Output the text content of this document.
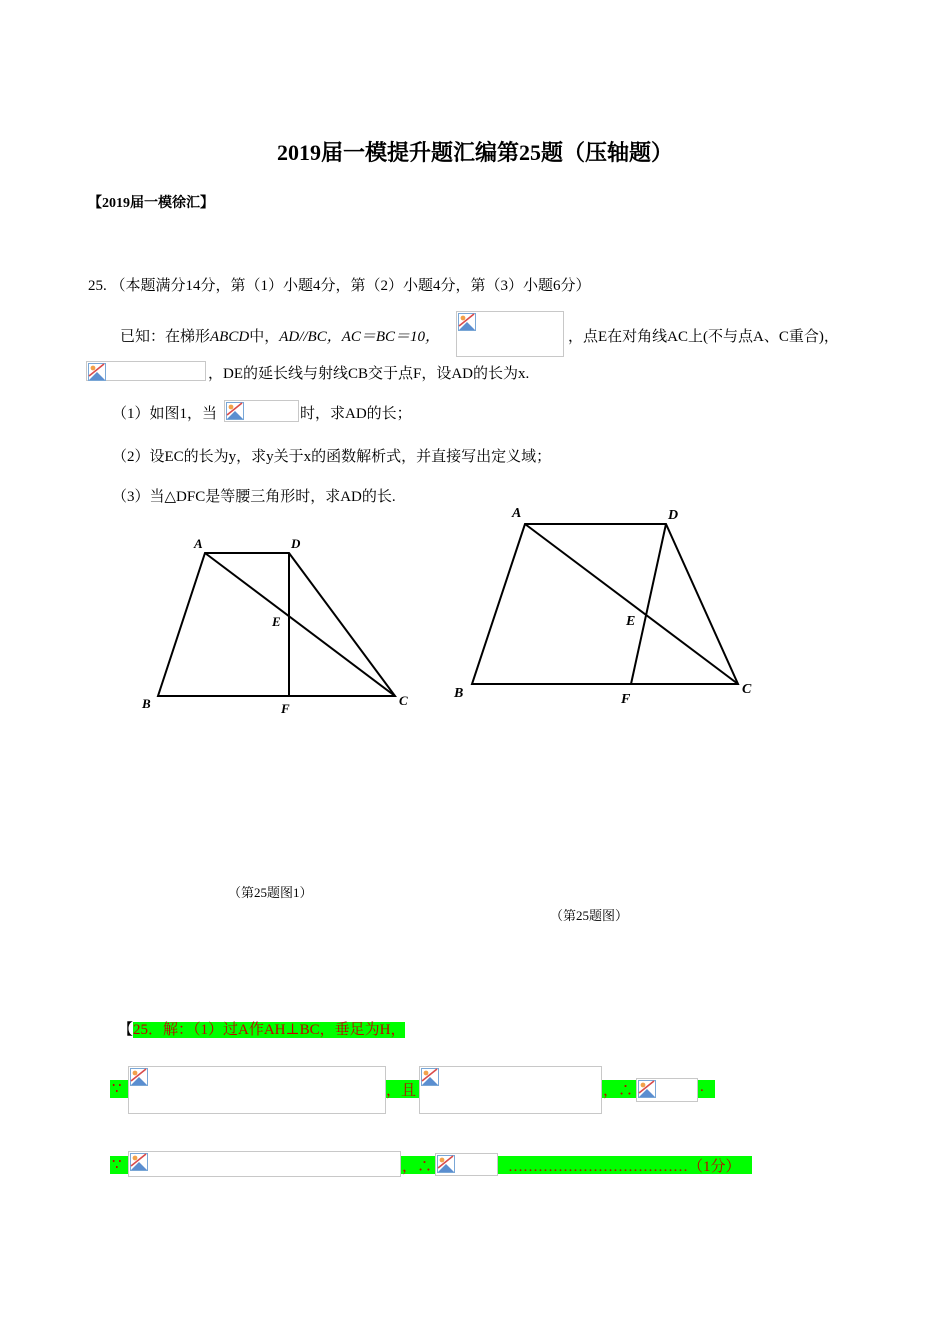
2019届一模提升题汇编第25题（压轴题）
【2019届一模徐汇】
25. （本题满分14分，第（1）小题4分，第（2）小题4分，第（3）小题6分）
已知：在梯形ABCD中，AD//BC，AC＝BC＝10，	，点E在对角线AC上(不与点A、C重合)，
，DE的延长线与射线CB交于点F，设AD的长为x.
（1）如图1，当	时，求AD的长；
（2）设EC的长为y，求y关于x的函数解析式，并直接写出定义域；
（3）当△DFC是等腰三角形时，求AD的长.
A	D
E
B	F
C
A	D
E
B	F
C
（第25题图1）
（第25题图）
【25．解：（1）过A作AH⊥BC，垂足为H，
∵	，且	，∴	.
∵	，∴	………………………………（1分）
